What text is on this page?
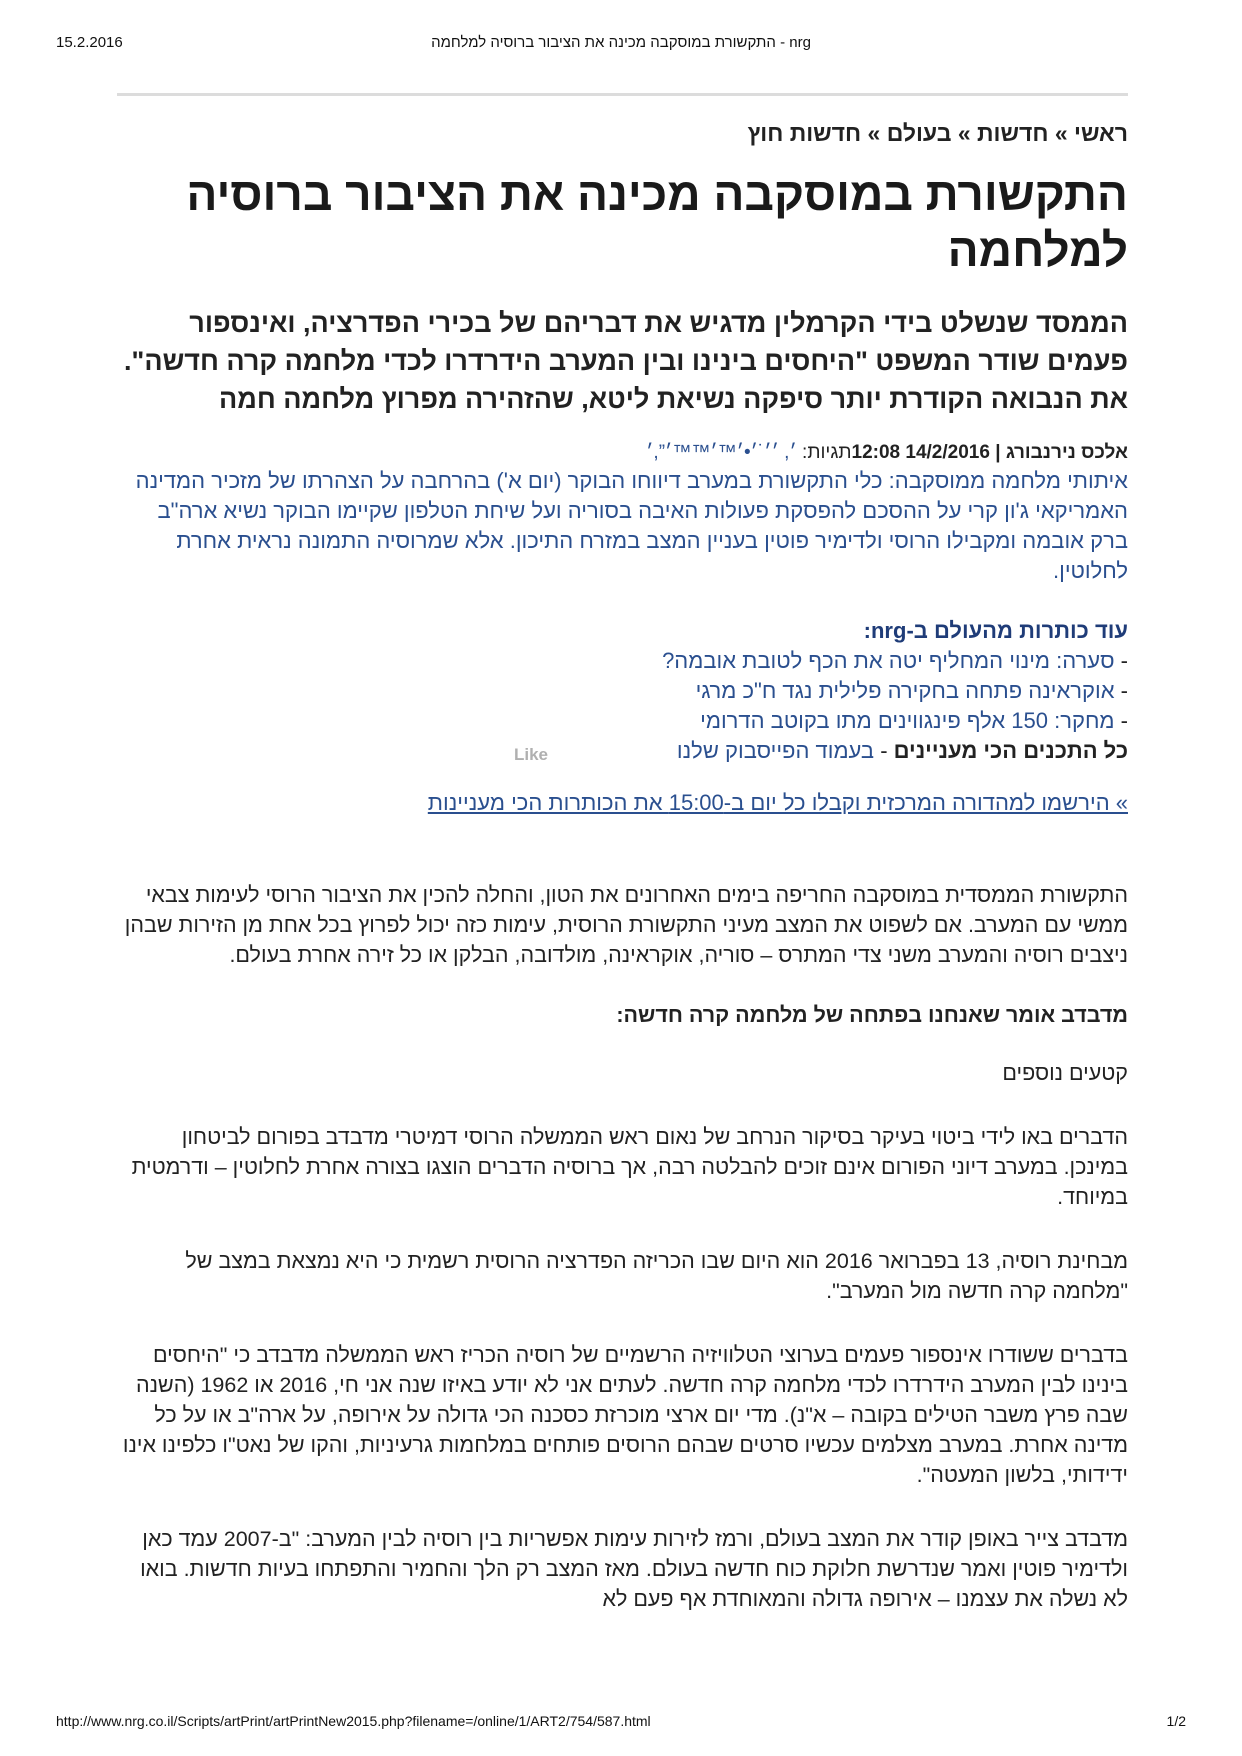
15.2.2016	התקשורת במוסקבה מכינה את הציבור ברוסיה למלחמה - nrg
ראשי » חדשות » בעולם » חדשות חוץ
התקשורת במוסקבה מכינה את הציבור ברוסיה למלחמה
הממסד שנשלט בידי הקרמלין מדגיש את דבריהם של בכירי הפדרציה, ואינספור פעמים שודר המשפט "היחסים בינינו ובין המערב הידרדרו לכדי מלחמה קרה חדשה". את הנבואה הקודרת יותר סיפקה נשיאת ליטא, שהזהירה מפרוץ מלחמה חמה
אלכס נירנבורג | 14/2/2016 12:08תגיות: ׳, ׳׳˙׳•׳™׳™™׳”,׳
איתותי מלחמה ממוסקבה: כלי התקשורת במערב דיווחו הבוקר (יום א') בהרחבה על הצהרתו של מזכיר המדינה האמריקאי ג'ון קרי על ההסכם להפסקת פעולות האיבה בסוריה ועל שיחת הטלפון שקיימו הבוקר נשיא ארה"ב ברק אובמה ומקבילו הרוסי ולדימיר פוטין בעניין המצב במזרח התיכון. אלא שמרוסיה התמונה נראית אחרת לחלוטין.
עוד כותרות מהעולם ב-nrg:
- סערה: מינוי המחליף יטה את הכף לטובת אובמה?
- אוקראינה פתחה בחקירה פלילית נגד ח"כ מרגי
- מחקר: 150 אלף פינגווינים מתו בקוטב הדרומי
כל התכנים הכי מעניינים - בעמוד הפייסבוק שלנו
Like
» הירשמו למהדורה המרכזית וקבלו כל יום ב-15:00 את הכותרות הכי מעניינות

התקשורת הממסדית במוסקבה החריפה בימים האחרונים את הטון, והחלה להכין את הציבור הרוסי לעימות צבאי ממשי עם המערב. אם לשפוט את המצב מעיני התקשורת הרוסית, עימות כזה יכול לפרוץ בכל אחת מן הזירות שבהן ניצבים רוסיה והמערב משני צדי המתרס – סוריה, אוקראינה, מולדובה, הבלקן או כל זירה אחרת בעולם.

מדבדב אומר שאנחנו בפתחה של מלחמה קרה חדשה:
קטעים נוספים

הדברים באו לידי ביטוי בעיקר בסיקור הנרחב של נאום ראש הממשלה הרוסי דמיטרי מדבדב בפורום לביטחון במינכן. במערב דיוני הפורום אינם זוכים להבלטה רבה, אך ברוסיה הדברים הוצגו בצורה אחרת לחלוטין – ודרמטית במיוחד.

מבחינת רוסיה, 13 בפברואר 2016 הוא היום שבו הכריזה הפדרציה הרוסית רשמית כי היא נמצאת במצב של "מלחמה קרה חדשה מול המערב".

בדברים ששודרו אינספור פעמים בערוצי הטלוויזיה הרשמיים של רוסיה הכריז ראש הממשלה מדבדב כי "היחסים בינינו לבין המערב הידרדרו לכדי מלחמה קרה חדשה. לעתים אני לא יודע באיזו שנה אני חי, 2016 או 1962 (השנה שבה פרץ משבר הטילים בקובה – א"נ). מדי יום ארצי מוכרזת כסכנה הכי גדולה על אירופה, על ארה"ב או על כל מדינה אחרת. במערב מצלמים עכשיו סרטים שבהם הרוסים פותחים במלחמות גרעיניות, והקו של נאט"ו כלפינו אינו ידידותי, בלשון המעטה".

מדבדב צייר באופן קודר את המצב בעולם, ורמז לזירות עימות אפשריות בין רוסיה לבין המערב: "ב-2007 עמד כאן ולדימיר פוטין ואמר שנדרשת חלוקת כוח חדשה בעולם. מאז המצב רק הלך והחמיר והתפתחו בעיות חדשות. בואו לא נשלה את עצמנו – אירופה גדולה והמאוחדת אף פעם לא

http://www.nrg.co.il/Scripts/artPrint/artPrintNew2015.php?filename=/online/1/ART2/754/587.html	1/2
